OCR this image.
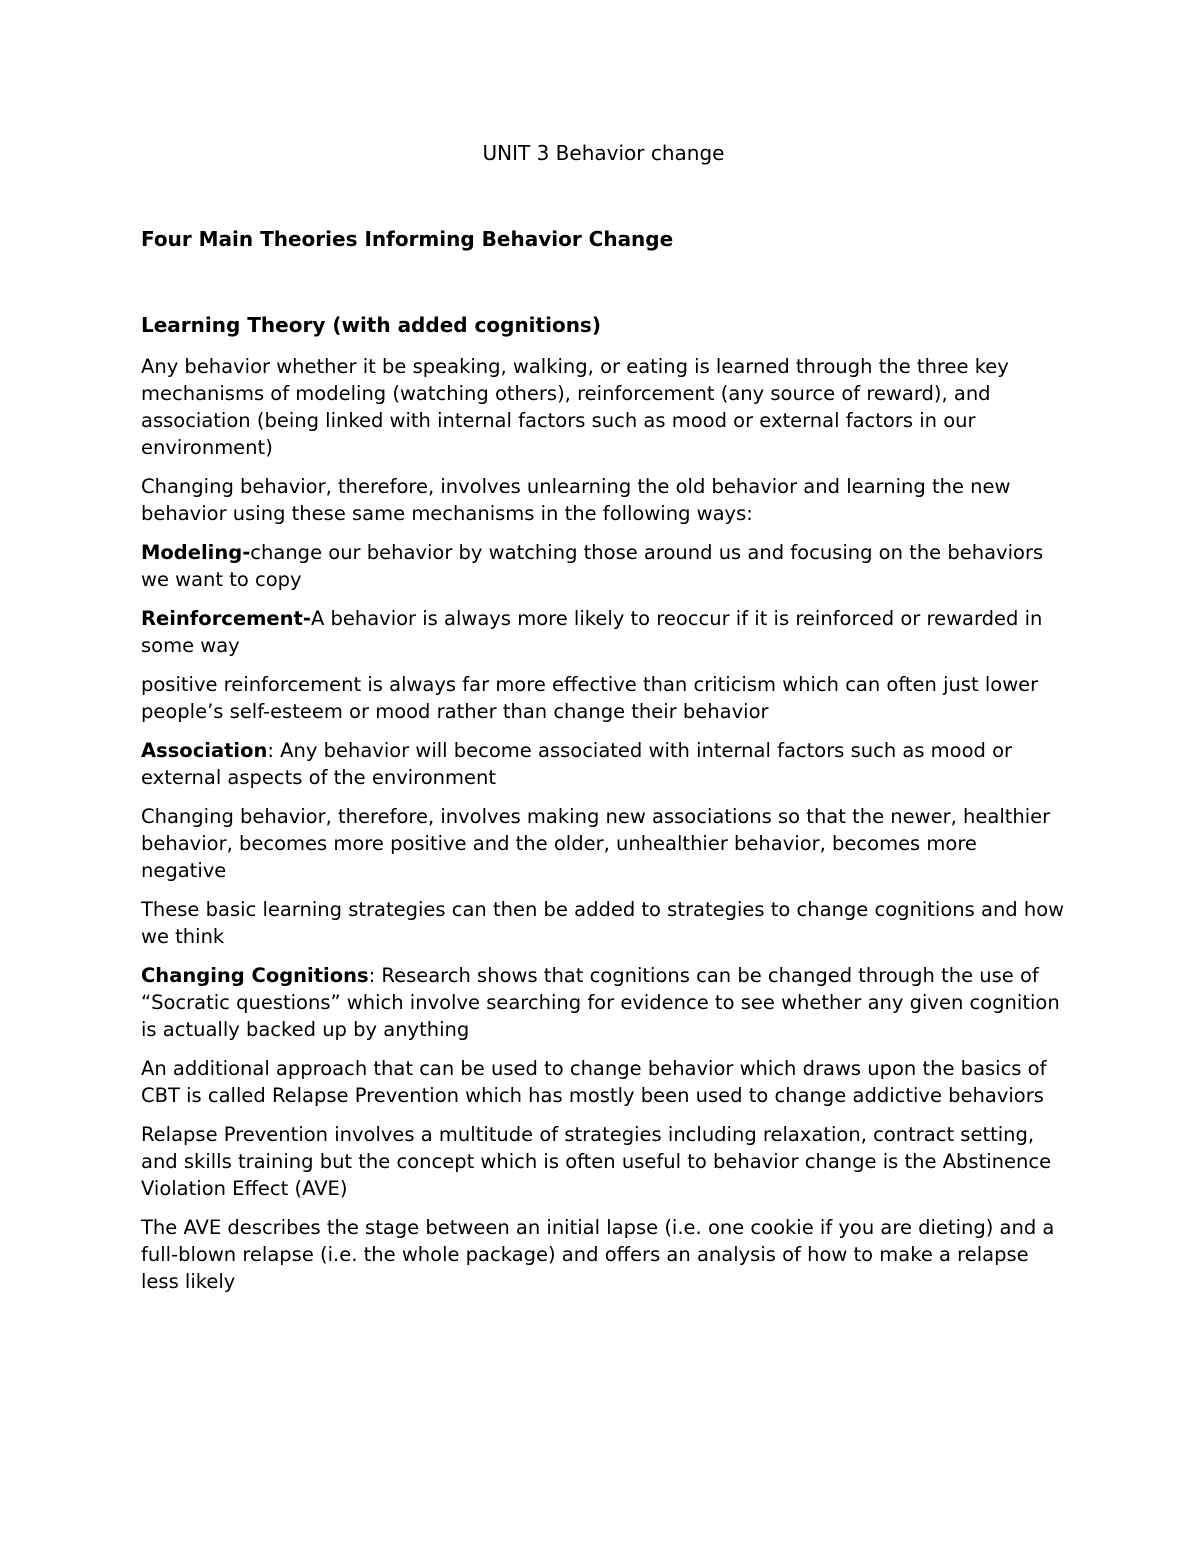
UNIT 3 Behavior change
Four Main Theories Informing Behavior Change
Learning Theory (with added cognitions)

Any behavior whether it be speaking, walking, or eating is learned through the three key mechanisms of modeling (watching others), reinforcement (any source of reward), and association (being linked with internal factors such as mood or external factors in our environment)

Changing behavior, therefore, involves unlearning the old behavior and learning the new behavior using these same mechanisms in the following ways:

Modeling-change our behavior by watching those around us and focusing on the behaviors we want to copy

Reinforcement-A behavior is always more likely to reoccur if it is reinforced or rewarded in some way

positive reinforcement is always far more effective than criticism which can often just lower people’s self-esteem or mood rather than change their behavior

Association: Any behavior will become associated with internal factors such as mood or external aspects of the environment

Changing behavior, therefore, involves making new associations so that the newer, healthier behavior, becomes more positive and the older, unhealthier behavior, becomes more negative

These basic learning strategies can then be added to strategies to change cognitions and how we think

Changing Cognitions: Research shows that cognitions can be changed through the use of “Socratic questions” which involve searching for evidence to see whether any given cognition is actually backed up by anything

An additional approach that can be used to change behavior which draws upon the basics of CBT is called Relapse Prevention which has mostly been used to change addictive behaviors

Relapse Prevention involves a multitude of strategies including relaxation, contract setting, and skills training but the concept which is often useful to behavior change is the Abstinence Violation Effect (AVE)

The AVE describes the stage between an initial lapse (i.e. one cookie if you are dieting) and a full-blown relapse (i.e. the whole package) and offers an analysis of how to make a relapse less likely
